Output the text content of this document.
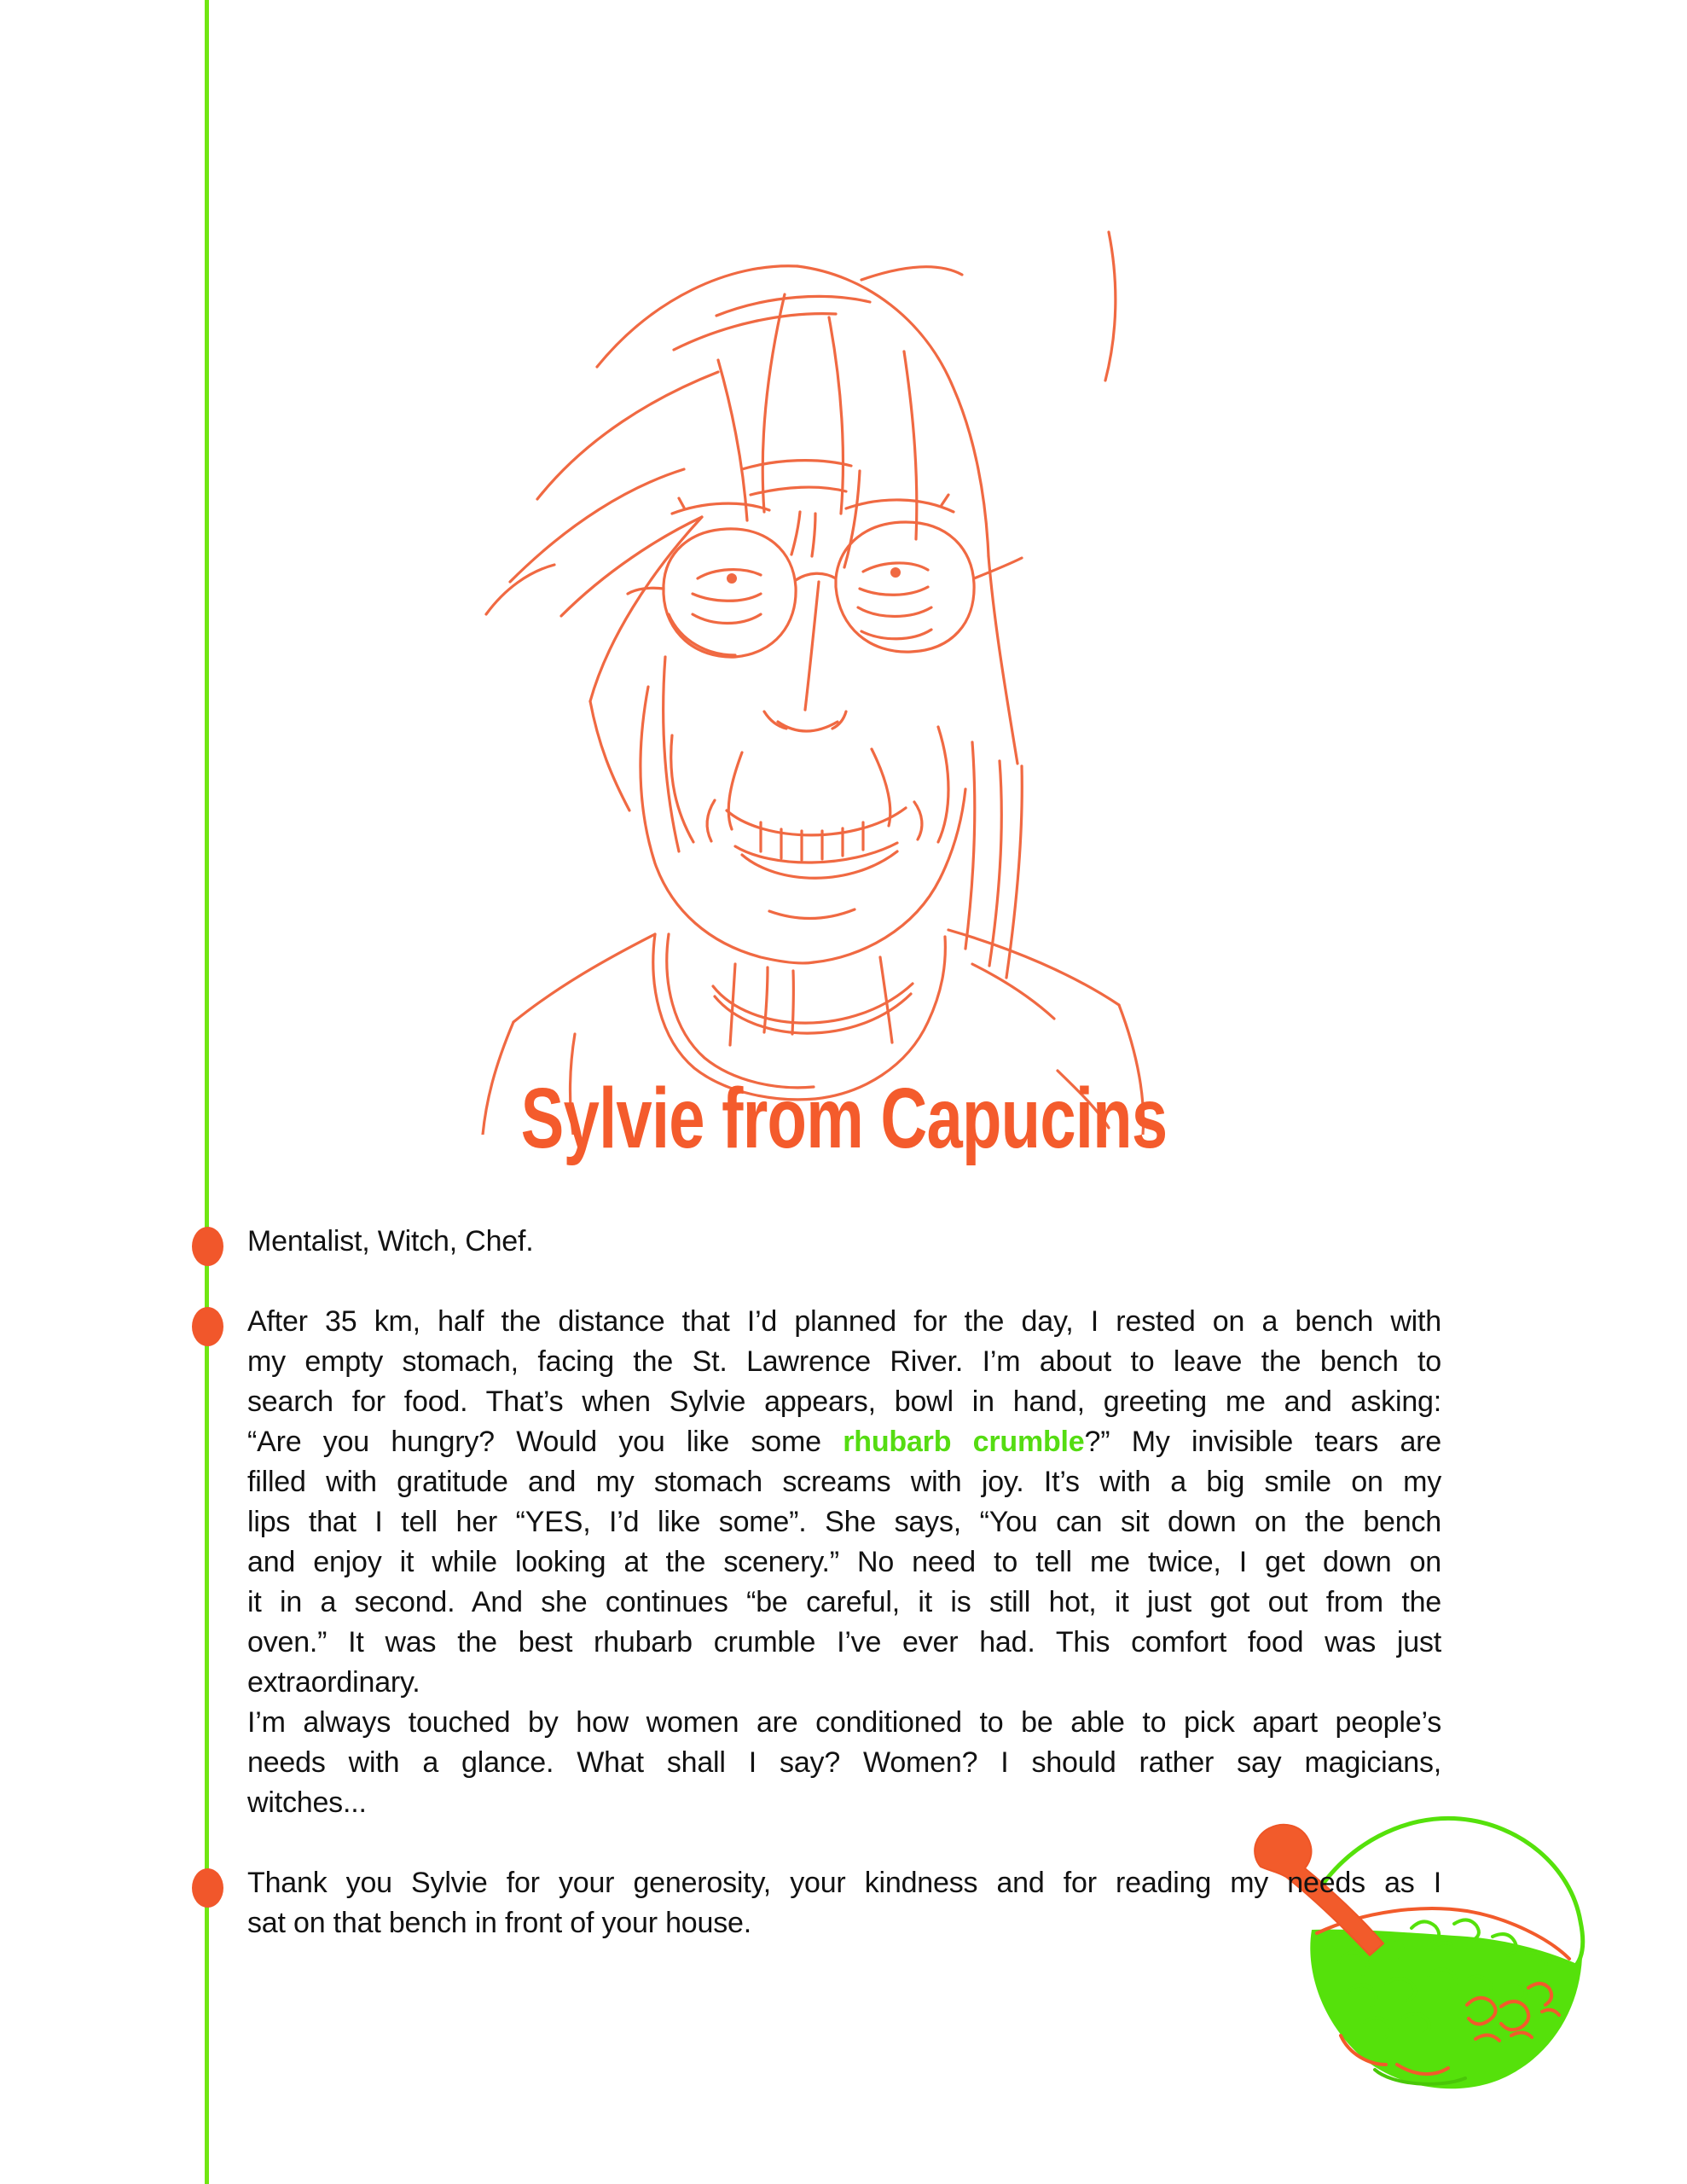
Sylvie from Capucins
Mentalist, Witch, Chef.
After 35 km, half the distance that I’d planned for the day, I rested on a bench with
my empty stomach, facing the St. Lawrence River. I’m about to leave the bench to
search for food. That’s when Sylvie appears, bowl in hand, greeting me and asking:
“Are you hungry? Would you like some rhubarb crumble?” My invisible tears are
filled with gratitude and my stomach screams with joy. It’s with a big smile on my
lips that I tell her “YES, I’d like some”. She says, “You can sit down on the bench
and enjoy it while looking at the scenery.” No need to tell me twice, I get down on
it in a second. And she continues “be careful, it is still hot, it just got out from the
oven.” It was the best rhubarb crumble I’ve ever had. This comfort food was just
extraordinary.
I’m always touched by how women are conditioned to be able to pick apart people’s
needs with a glance. What shall I say? Women? I should rather say magicians,
witches...
Thank you Sylvie for your generosity, your kindness and for reading my needs as I
sat on that bench in front of your house.
